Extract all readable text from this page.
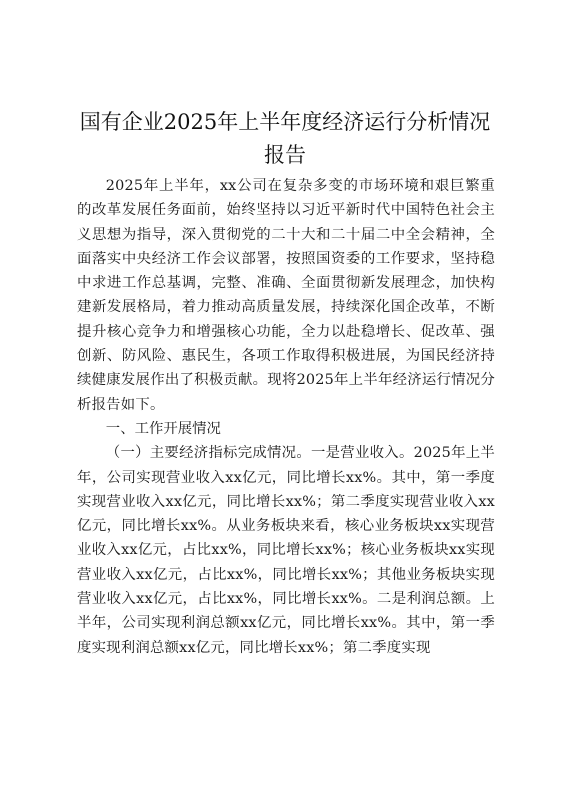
国有企业2025年上半年度经济运行分析情况
报告

2025年上半年，xx公司在复杂多变的市场环境和艰巨繁重的改革发展任务面前，始终坚持以习近平新时代中国特色社会主义思想为指导，深入贯彻党的二十大和二十届二中全会精神，全面落实中央经济工作会议部署，按照国资委的工作要求，坚持稳中求进工作总基调，完整、准确、全面贯彻新发展理念，加快构建新发展格局，着力推动高质量发展，持续深化国企改革，不断提升核心竞争力和增强核心功能，全力以赴稳增长、促改革、强创新、防风险、惠民生，各项工作取得积极进展，为国民经济持续健康发展作出了积极贡献。现将2025年上半年经济运行情况分析报告如下。

一、工作开展情况

（一）主要经济指标完成情况。一是营业收入。2025年上半年，公司实现营业收入xx亿元，同比增长xx%。其中，第一季度实现营业收入xx亿元，同比增长xx%；第二季度实现营业收入xx亿元，同比增长xx%。从业务板块来看，核心业务板块xx实现营业收入xx亿元，占比xx%，同比增长xx%；核心业务板块xx实现营业收入xx亿元，占比xx%，同比增长xx%；其他业务板块实现营业收入xx亿元，占比xx%，同比增长xx%。二是利润总额。上半年，公司实现利润总额xx亿元，同比增长xx%。其中，第一季度实现利润总额xx亿元，同比增长xx%；第二季度实现
